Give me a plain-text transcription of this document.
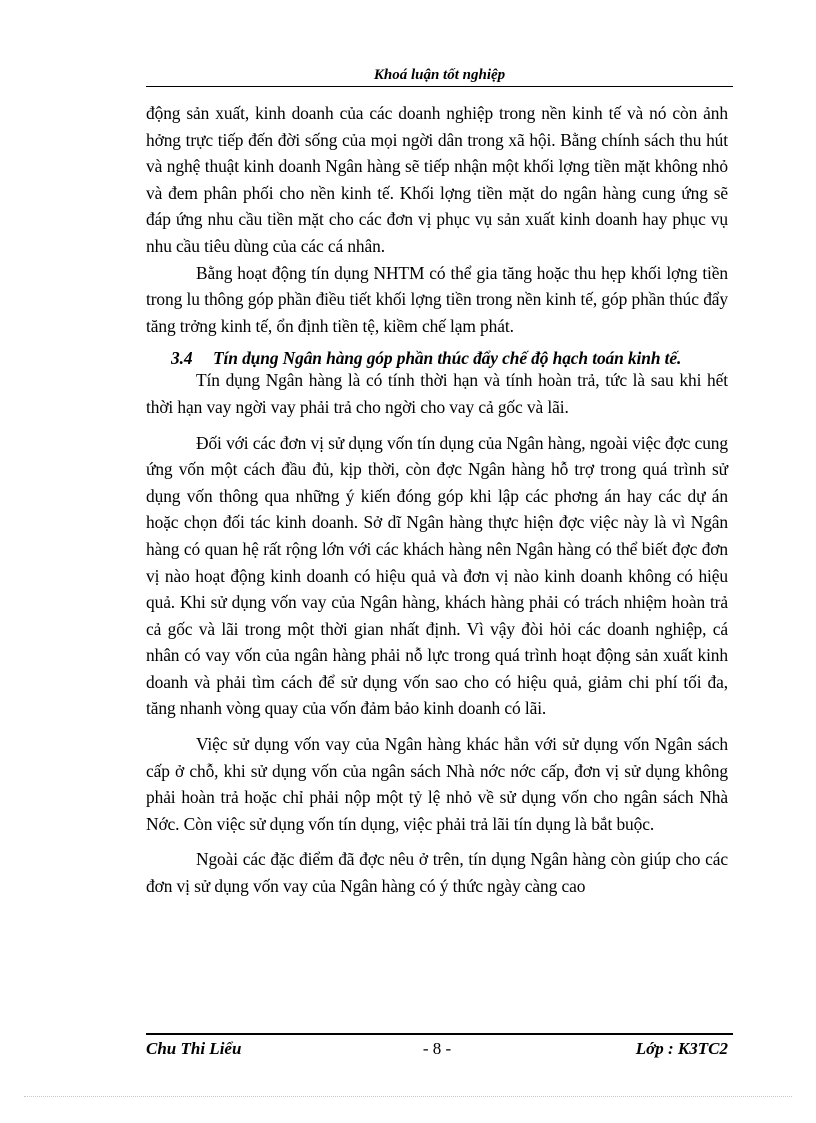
Khoá luận tốt nghiệp

động sản xuất, kinh doanh của các doanh nghiệp trong nền kinh tế và nó còn ảnh hởng trực tiếp đến đời sống của mọi ngời dân trong xã hội. Bằng chính sách thu hút và nghệ thuật kinh doanh Ngân hàng sẽ tiếp nhận một khối lợng tiền mặt không nhỏ và đem phân phối cho nền kinh tế. Khối lợng tiền mặt do ngân hàng cung ứng sẽ đáp ứng nhu cầu tiền mặt cho các đơn vị phục vụ sản xuất kinh doanh hay phục vụ nhu cầu tiêu dùng của các cá nhân.

Bằng hoạt động tín dụng NHTM có thể gia tăng hoặc thu hẹp khối lợng tiền trong lu thông góp phần điều tiết khối lợng tiền trong nền kinh tế, góp phần thúc đẩy tăng trởng kinh tế, ổn định tiền tệ, kiềm chế lạm phát.

3.4 Tín dụng Ngân hàng góp phần thúc đẩy chế độ hạch toán kinh tế.

Tín dụng Ngân hàng là có tính thời hạn và tính hoàn trả, tức là sau khi hết thời hạn vay ngời vay phải trả cho ngời cho vay cả gốc và lãi.

Đối với các đơn vị sử dụng vốn tín dụng của Ngân hàng, ngoài việc đợc cung ứng vốn một cách đầu đủ, kịp thời, còn đợc Ngân hàng hỗ trợ trong quá trình sử dụng vốn thông qua những ý kiến đóng góp khi lập các phơng án hay các dự án hoặc chọn đối tác kinh doanh. Sở dĩ Ngân hàng thực hiện đợc việc này là vì Ngân hàng có quan hệ rất rộng lớn với các khách hàng nên Ngân hàng có thể biết đợc đơn vị nào hoạt động kinh doanh có hiệu quả và đơn vị nào kinh doanh không có hiệu quả. Khi sử dụng vốn vay của Ngân hàng, khách hàng phải có trách nhiệm hoàn trả cả gốc và lãi trong một thời gian nhất định. Vì vậy đòi hỏi các doanh nghiệp, cá nhân có vay vốn của ngân hàng phải nỗ lực trong quá trình hoạt động sản xuất kinh doanh và phải tìm cách để sử dụng vốn sao cho có hiệu quả, giảm chi phí tối đa, tăng nhanh vòng quay của vốn đảm bảo kinh doanh có lãi.

Việc sử dụng vốn vay của Ngân hàng khác hẳn với sử dụng vốn Ngân sách cấp ở chỗ, khi sử dụng vốn của ngân sách Nhà nớc nớc cấp, đơn vị sử dụng không phải hoàn trả hoặc chỉ phải nộp một tỷ lệ nhỏ về sử dụng vốn cho ngân sách Nhà Nớc. Còn việc sử dụng vốn tín dụng, việc phải trả lãi tín dụng là bắt buộc.

Ngoài các đặc điểm đã đợc nêu ở trên, tín dụng Ngân hàng còn giúp cho các đơn vị sử dụng vốn vay của Ngân hàng có ý thức ngày càng cao

Chu Thi Liểu	- 8 -	Lớp : K3TC2
